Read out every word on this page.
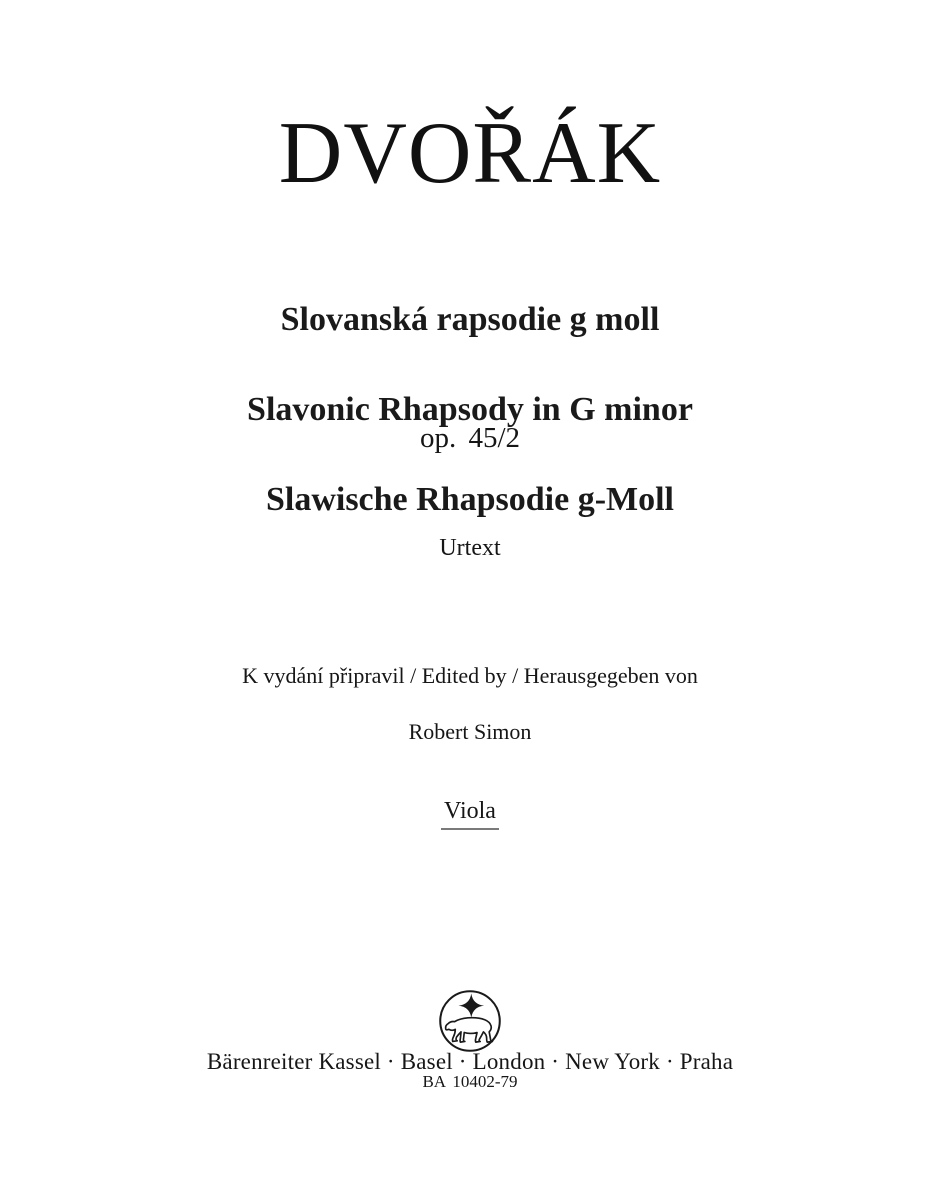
DVOŘÁK

Slovanská rapsodie g moll

Slavonic Rhapsody in G minor

Slawische Rhapsodie g-Moll

op. 45/2
Urtext

K vydání připravil / Edited by / Herausgegeben von

Robert Simon

Viola

Bärenreiter Kassel · Basel · London · New York · Praha
BA 10402-79
